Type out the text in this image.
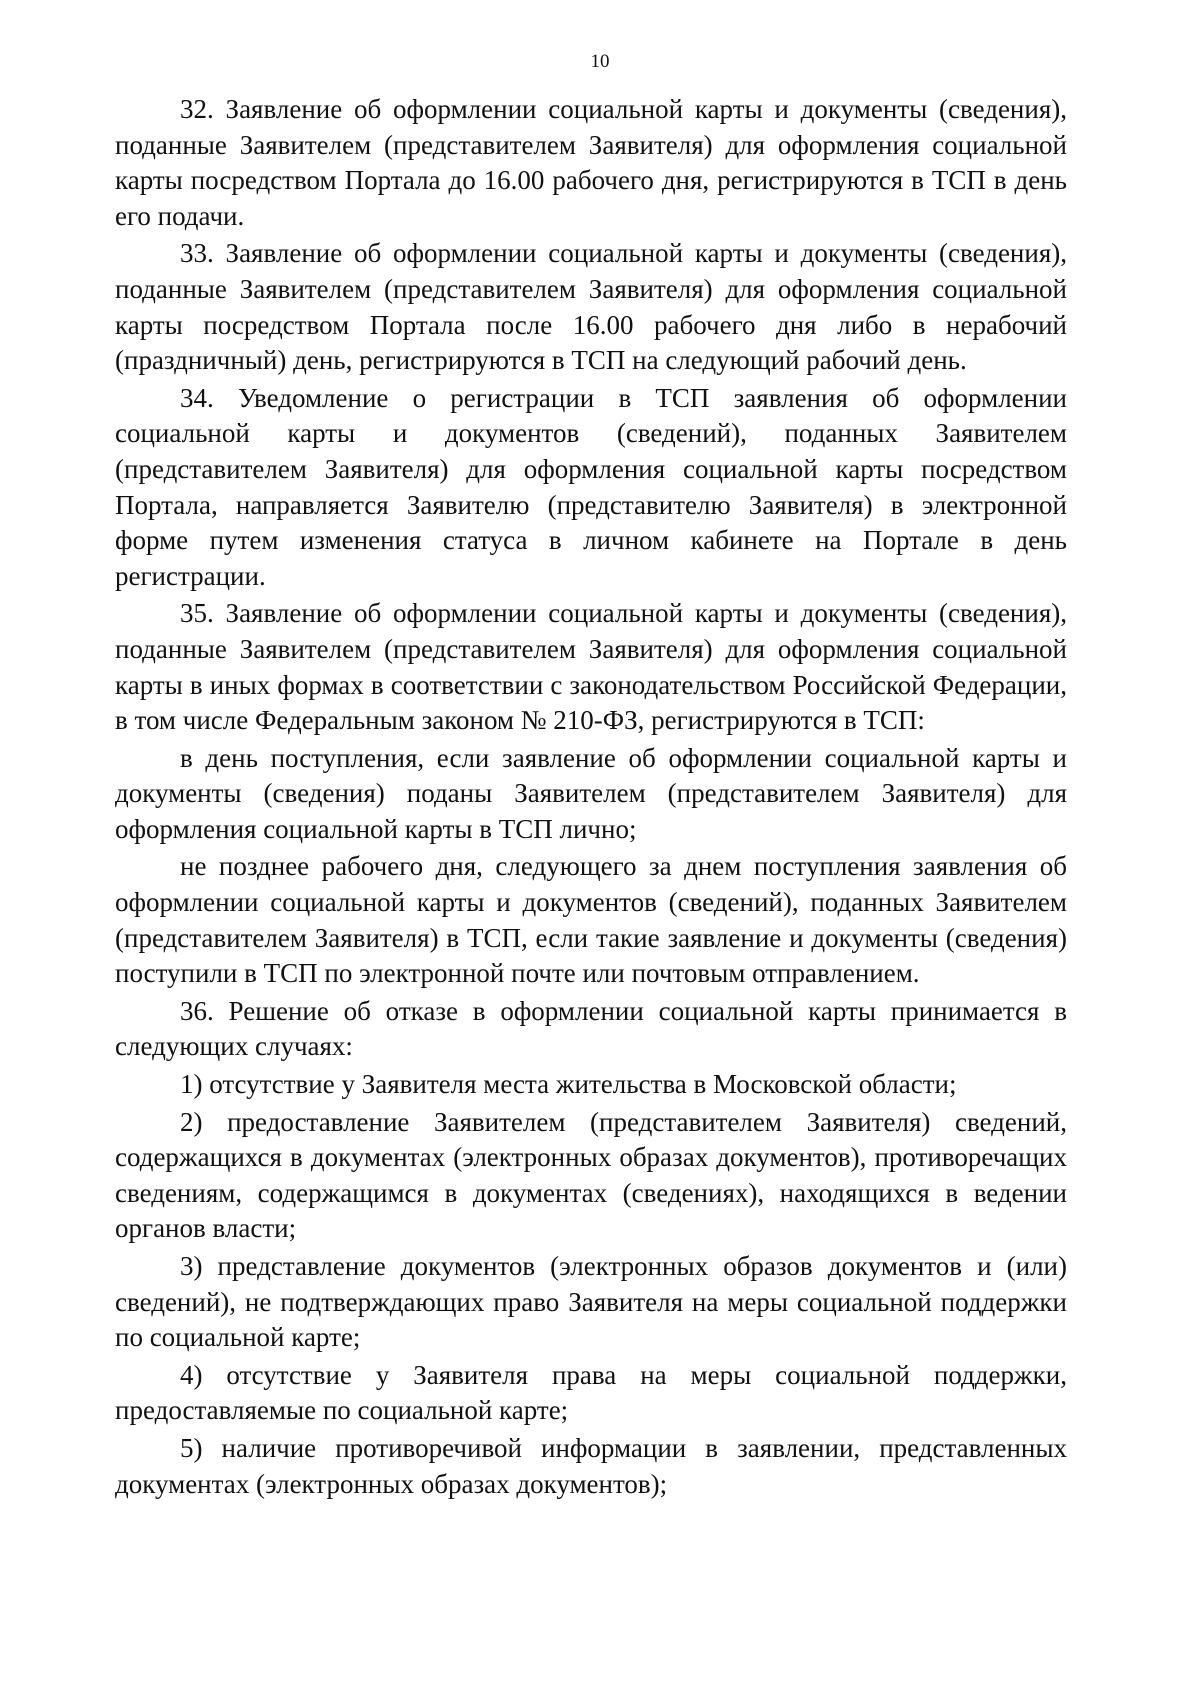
10

32. Заявление об оформлении социальной карты и документы (сведения), поданные Заявителем (представителем Заявителя) для оформления социальной карты посредством Портала до 16.00 рабочего дня, регистрируются в ТСП в день его подачи.

33. Заявление об оформлении социальной карты и документы (сведения), поданные Заявителем (представителем Заявителя) для оформления социальной карты посредством Портала после 16.00 рабочего дня либо в нерабочий (праздничный) день, регистрируются в ТСП на следующий рабочий день.

34. Уведомление о регистрации в ТСП заявления об оформлении социальной карты и документов (сведений), поданных Заявителем (представителем Заявителя) для оформления социальной карты посредством Портала, направляется Заявителю (представителю Заявителя) в электронной форме путем изменения статуса в личном кабинете на Портале в день регистрации.

35. Заявление об оформлении социальной карты и документы (сведения), поданные Заявителем (представителем Заявителя) для оформления социальной карты в иных формах в соответствии с законодательством Российской Федерации, в том числе Федеральным законом № 210-ФЗ, регистрируются в ТСП:

в день поступления, если заявление об оформлении социальной карты и документы (сведения) поданы Заявителем (представителем Заявителя) для оформления социальной карты в ТСП лично;

не позднее рабочего дня, следующего за днем поступления заявления об оформлении социальной карты и документов (сведений), поданных Заявителем (представителем Заявителя) в ТСП, если такие заявление и документы (сведения) поступили в ТСП по электронной почте или почтовым отправлением.

36. Решение об отказе в оформлении социальной карты принимается в следующих случаях:

1) отсутствие у Заявителя места жительства в Московской области;

2) предоставление Заявителем (представителем Заявителя) сведений, содержащихся в документах (электронных образах документов), противоречащих сведениям, содержащимся в документах (сведениях), находящихся в ведении органов власти;

3) представление документов (электронных образов документов и (или) сведений), не подтверждающих право Заявителя на меры социальной поддержки по социальной карте;

4) отсутствие у Заявителя права на меры социальной поддержки, предоставляемые по социальной карте;

5) наличие противоречивой информации в заявлении, представленных документах (электронных образах документов);
